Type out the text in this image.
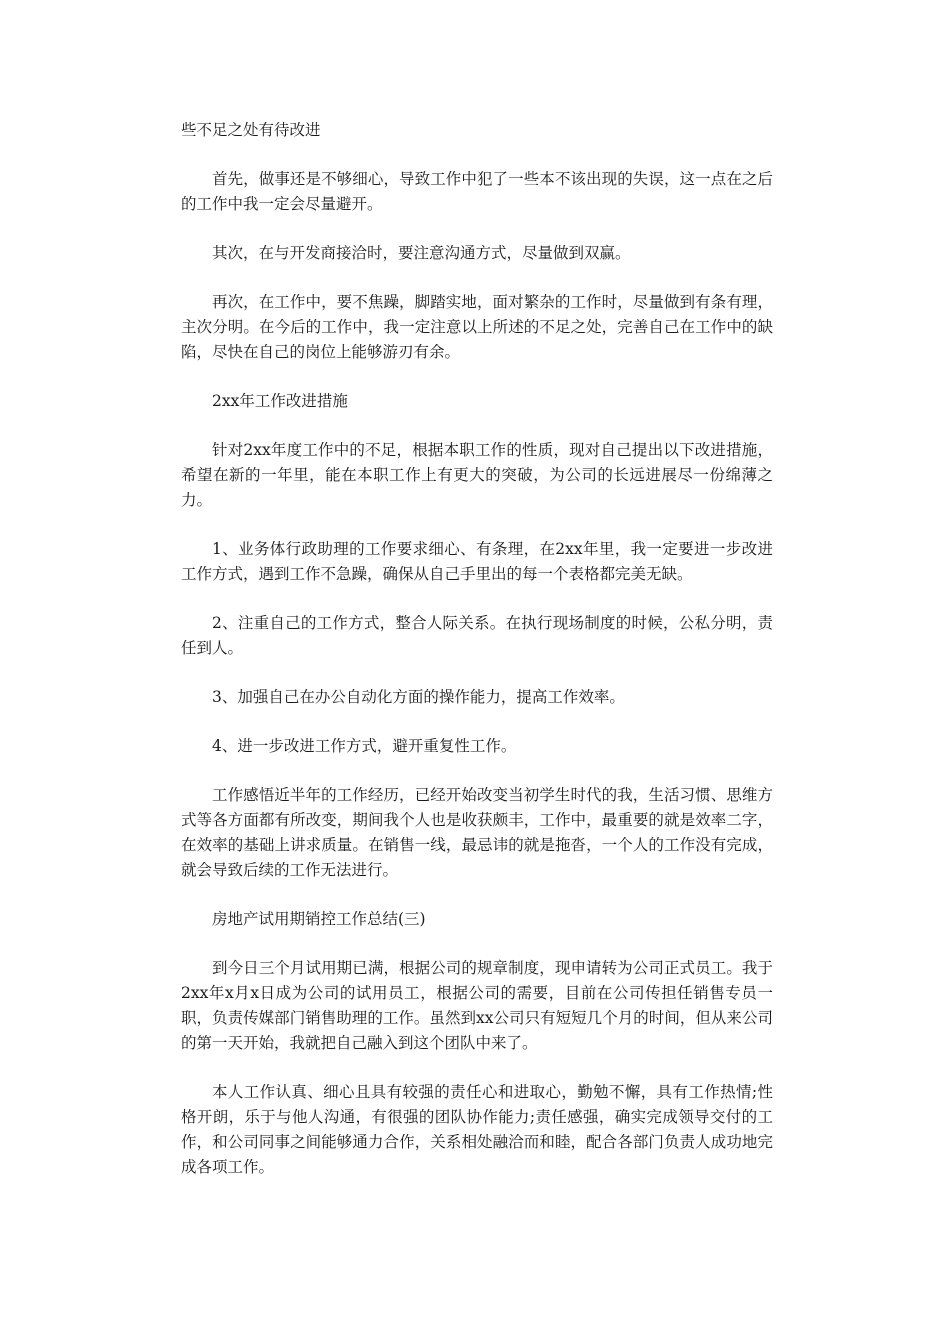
些不足之处有待改进

首先，做事还是不够细心，导致工作中犯了一些本不该出现的失误，这一点在之后的工作中我一定会尽量避开。

其次，在与开发商接洽时，要注意沟通方式，尽量做到双赢。

再次，在工作中，要不焦躁，脚踏实地，面对繁杂的工作时，尽量做到有条有理，主次分明。在今后的工作中，我一定注意以上所述的不足之处，完善自己在工作中的缺陷，尽快在自己的岗位上能够游刃有余。

2xx年工作改进措施

针对2xx年度工作中的不足，根据本职工作的性质，现对自己提出以下改进措施，希望在新的一年里，能在本职工作上有更大的突破，为公司的长远进展尽一份绵薄之力。

1、业务体行政助理的工作要求细心、有条理，在2xx年里，我一定要进一步改进工作方式，遇到工作不急躁，确保从自己手里出的每一个表格都完美无缺。

2、注重自己的工作方式，整合人际关系。在执行现场制度的时候，公私分明，责任到人。

3、加强自己在办公自动化方面的操作能力，提高工作效率。

4、进一步改进工作方式，避开重复性工作。

工作感悟近半年的工作经历，已经开始改变当初学生时代的我，生活习惯、思维方式等各方面都有所改变，期间我个人也是收获颇丰，工作中，最重要的就是效率二字，在效率的基础上讲求质量。在销售一线，最忌讳的就是拖沓，一个人的工作没有完成，就会导致后续的工作无法进行。

房地产试用期销控工作总结(三)

到今日三个月试用期已满，根据公司的规章制度，现申请转为公司正式员工。我于2xx年x月x日成为公司的试用员工，根据公司的需要，目前在公司传担任销售专员一职，负责传媒部门销售助理的工作。虽然到xx公司只有短短几个月的时间，但从来公司的第一天开始，我就把自己融入到这个团队中来了。

本人工作认真、细心且具有较强的责任心和进取心，勤勉不懈，具有工作热情;性格开朗，乐于与他人沟通，有很强的团队协作能力;责任感强，确实完成领导交付的工作，和公司同事之间能够通力合作，关系相处融洽而和睦，配合各部门负责人成功地完成各项工作。
